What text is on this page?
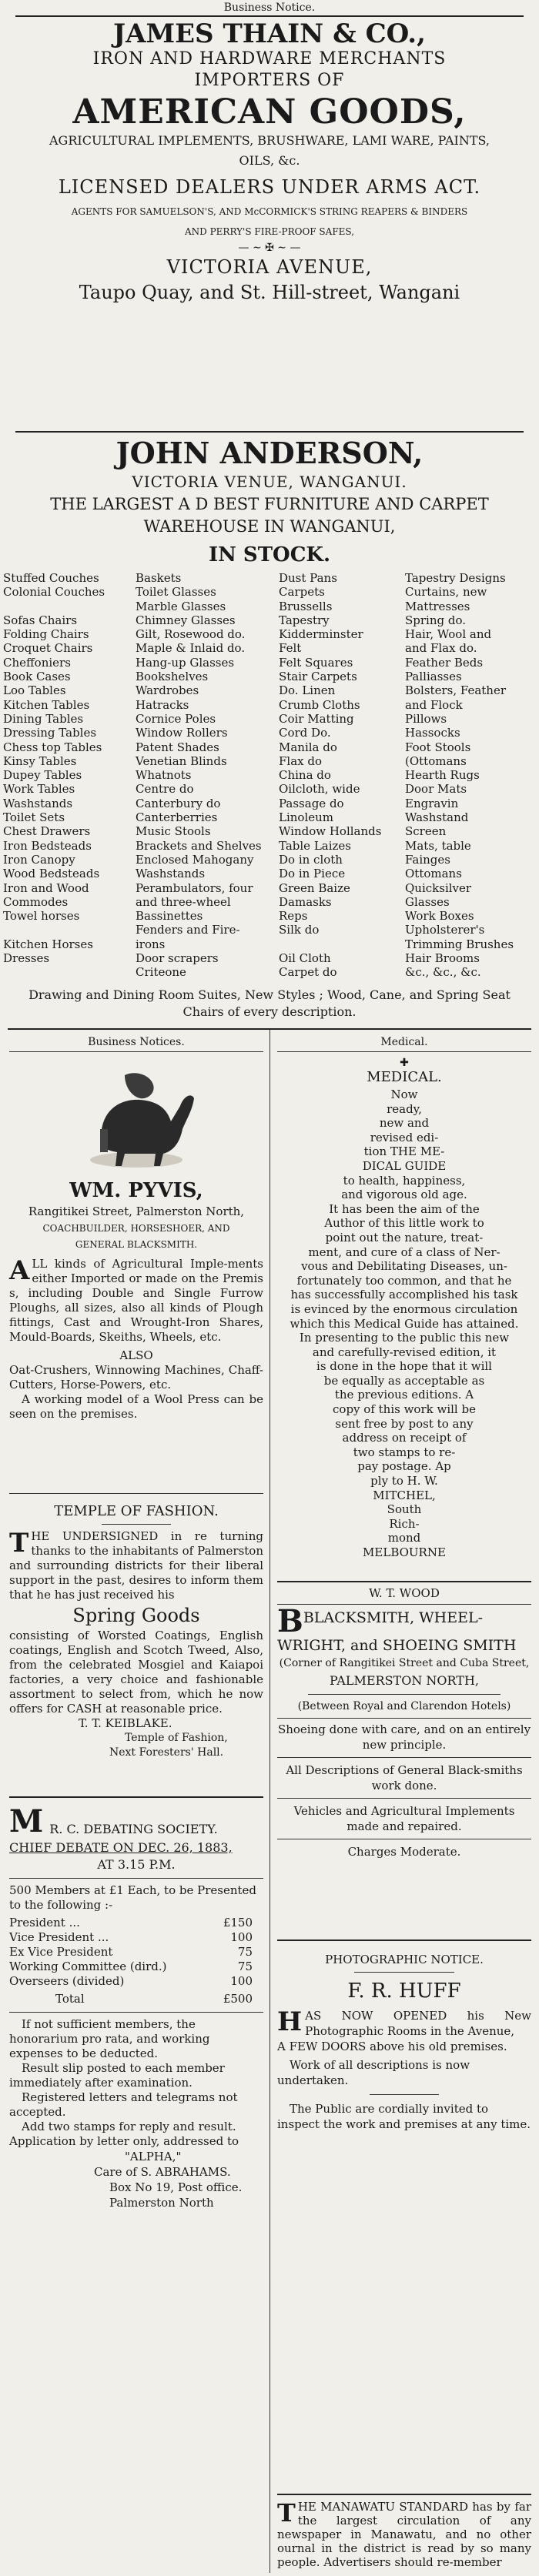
Business Notice.
JAMES THAIN & CO.,
IRON AND HARDWARE MERCHANTS
IMPORTERS OF
AMERICAN GOODS,
AGRICULTURAL IMPLEMENTS, BRUSHWARE, LAMI WARE, PAINTS,
OILS, &c.
LICENSED DEALERS UNDER ARMS ACT.
AGENTS FOR SAMUELSON'S, AND McCORMICK'S STRING REAPERS & BINDERS
AND PERRY'S FIRE-PROOF SAFES,
— ∼ ✠ ∼ —
VICTORIA AVENUE,
Taupo Quay, and St. Hill-street, Wangani
JOHN ANDERSON,
VICTORIA VENUE, WANGANUI.
THE LARGEST A D BEST FURNITURE AND CARPET
WAREHOUSE IN WANGANUI,
IN STOCK.
Stuffed Couches
Colonial Couches

Sofas Chairs
Folding Chairs
Croquet Chairs
Cheffoniers
Book Cases
Loo Tables
Kitchen Tables
Dining Tables
Dressing Tables
Chess top Tables
Kinsy Tables
Dupey Tables
Work Tables
Washstands
Toilet Sets
Chest Drawers
Iron Bedsteads
Iron Canopy
Wood Bedsteads
Iron and Wood
Commodes
Towel horses

Kitchen Horses
Dresses
Baskets
Toilet Glasses
Marble Glasses
Chimney Glasses
Gilt, Rosewood do.
Maple & Inlaid do.
Hang-up Glasses
Bookshelves
Wardrobes
Hatracks
Cornice Poles
Window Rollers
Patent Shades
Venetian Blinds
Whatnots
Centre do
Canterbury do
Canterberries
Music Stools
Brackets and Shelves
Enclosed Mahogany
Washstands
Perambulators, four
and three-wheel
Bassinettes
Fenders and Fire-
irons
Door scrapers
Criteone
Dust Pans
Carpets
Brussells
Tapestry
Kidderminster
Felt
Felt Squares
Stair Carpets
Do. Linen
Crumb Cloths
Coir Matting
Cord Do.
Manila do
Flax do
China do
Oilcloth, wide
Passage do
Linoleum
Window Hollands
Table Laizes
Do in cloth
Do in Piece
Green Baize
Damasks
Reps
Silk do

Oil Cloth
Carpet do
Tapestry Designs
Curtains, new
Mattresses
Spring do.
Hair, Wool and
and Flax do.
Feather Beds
Palliasses
Bolsters, Feather
and Flock
Pillows
Hassocks
Foot Stools
(Ottomans
Hearth Rugs
Door Mats
Engravin
Washstand
Screen
Mats, table
Fainges
Ottomans
Quicksilver
Glasses
Work Boxes
Upholsterer's
Trimming Brushes
Hair Brooms
&c., &c., &c.
Drawing and Dining Room Suites, New Styles ; Wood, Cane, and Spring Seat
Chairs of every description.
Business Notices.
WM. PYVIS,
Rangitikei Street, Palmerston North,
COACHBUILDER, HORSESHOER, AND
GENERAL BLACKSMITH.

ALL kinds of Agricultural Imple-ments either Imported or made on the Premis s, including Double and Single Furrow Ploughs, all sizes, also all kinds of Plough fittings, Cast and Wrought-Iron Shares, Mould-Boards, Skeiths, Wheels, etc.

ALSO

Oat-Crushers, Winnowing Machines, Chaff-Cutters, Horse-Powers, etc.

A working model of a Wool Press can be seen on the premises.

TEMPLE OF FASHION.

THE UNDERSIGNED in re turning thanks to the inhabitants of Palmerston and surrounding districts for their liberal support in the past, desires to inform them that he has just received his

Spring Goods

consisting of Worsted Coatings, English coatings, English and Scotch Tweed, Also, from the celebrated Mosgiel and Kaiapoi factories, a very choice and fashionable assortment to select from, which he now offers for CASH at reasonable price.

T. T. KEIBLAKE.
Temple of Fashion,
Next Foresters' Hall.
M R. C. DEBATING SOCIETY.
CHIEF DEBATE ON DEC. 26, 1883,
AT 3.15 P.M.

500 Members at £1 Each, to be Presented to the following :-

President ...	£150
Vice President ...	100
Ex Vice President	75
Working Committee (dird.)	75
Overseers (divided)	100
Total	£500

If not sufficient members, the honorarium pro rata, and working expenses to be deducted.

Result slip posted to each member immediately after examination.

Registered letters and telegrams not accepted.

Add two stamps for reply and result. Application by letter only, addressed to

"ALPHA,"
Care of S. ABRAHAMS.
Box No 19, Post office.
Palmerston North
Medical.
✚
MEDICAL.
Now
ready,
new and
revised edi-
tion THE ME-
DICAL GUIDE
to health, happiness,
and vigorous old age.
It has been the aim of the
Author of this little work to
point out the nature, treat-
ment, and cure of a class of Ner-
vous and Debilitating Diseases, un-
fortunately too common, and that he
has successfully accomplished his task
is evinced by the enormous circulation
which this Medical Guide has attained.
In presenting to the public this new
and carefully-revised edition, it
is done in the hope that it will
be equally as acceptable as
the previous editions. A
copy of this work will be
sent free by post to any
address on receipt of
two stamps to re-
pay postage. Ap
ply to H. W.
MITCHEL,
South
Rich-
mond
MELBOURNE
W. T. WOOD
B BLACKSMITH, WHEEL-
WRIGHT, and SHOEING SMITH
(Corner of Rangitikei Street and Cuba Street,
PALMERSTON NORTH,
(Between Royal and Clarendon Hotels)

Shoeing done with care, and on an entirely new principle.

All Descriptions of General Black-smiths work done.

Vehicles and Agricultural Implements made and repaired.

Charges Moderate.

PHOTOGRAPHIC NOTICE.
F. R. HUFF

HAS NOW OPENED his New Photographic Rooms in the Avenue,

A FEW DOORS above his old premises.

Work of all descriptions is now undertaken.

The Public are cordially invited to inspect the work and premises at any time.

THE MANAWATU STANDARD has by far the largest circulation of any newspaper in Manawatu, and no other ournal in the district is read by so many people. Advertisers should re-member
